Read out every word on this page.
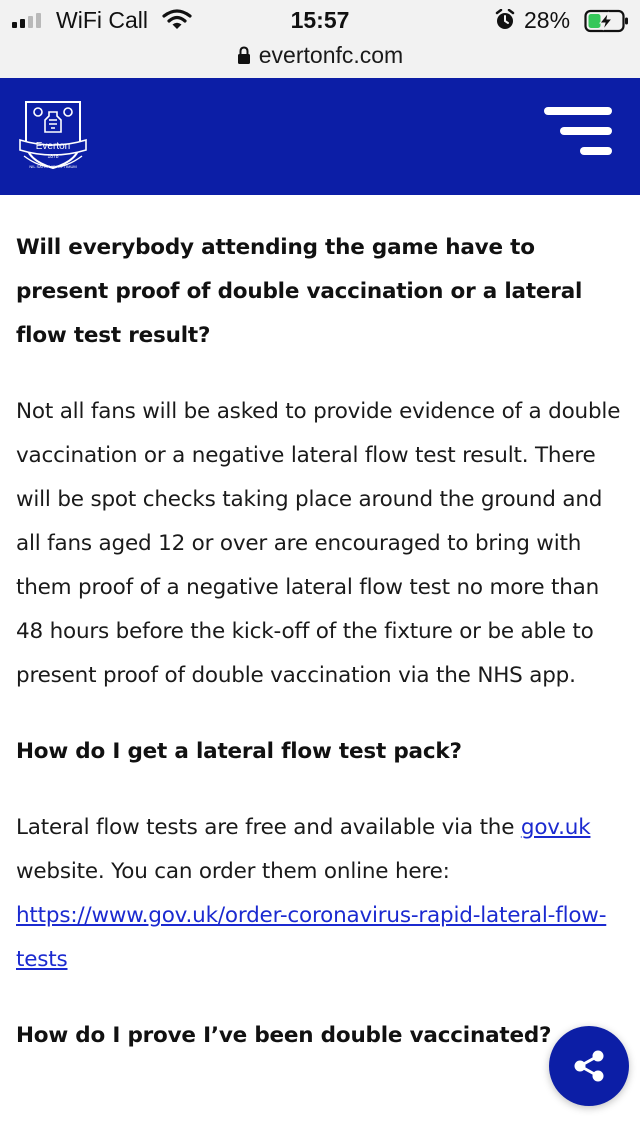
WiFi Call	15:57	28%
evertonfc.com
Everton
1878
NIL SATIS NISI OPTIMUM
Will everybody attending the game have to present proof of double vaccination or a lateral flow test result?

Not all fans will be asked to provide evidence of a double vaccination or a negative lateral flow test result. There will be spot checks taking place around the ground and all fans aged 12 or over are encouraged to bring with them proof of a negative lateral flow test no more than 48 hours before the kick-off of the fixture or be able to present proof of double vaccination via the NHS app.

How do I get a lateral flow test pack?

Lateral flow tests are free and available via the gov.uk website. You can order them online here: https://www.gov.uk/order-coronavirus-rapid-lateral-flow-tests

How do I prove I’ve been double vaccinated?
